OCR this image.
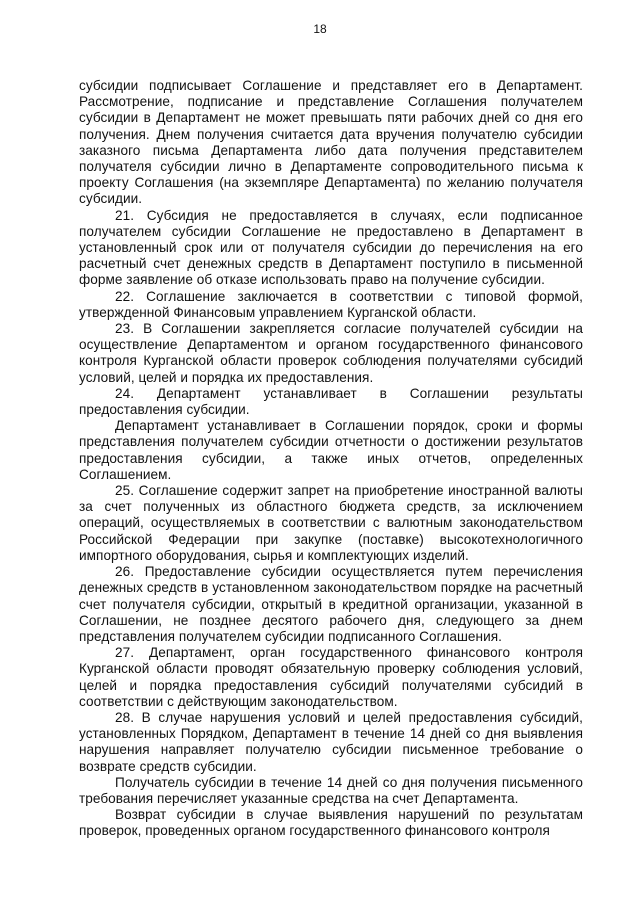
18

субсидии подписывает Соглашение и представляет его в Департамент. Рассмотрение, подписание и представление Соглашения получателем субсидии в Департамент не может превышать пяти рабочих дней со дня его получения. Днем получения считается дата вручения получателю субсидии заказного письма Департамента либо дата получения представителем получателя субсидии лично в Департаменте сопроводительного письма к проекту Соглашения (на экземпляре Департамента) по желанию получателя субсидии.

21. Субсидия не предоставляется в случаях, если подписанное получателем субсидии Соглашение не предоставлено в Департамент в установленный срок или от получателя субсидии до перечисления на его расчетный счет денежных средств в Департамент поступило в письменной форме заявление об отказе использовать право на получение субсидии.

22. Соглашение заключается в соответствии с типовой формой, утвержденной Финансовым управлением Курганской области.

23. В Соглашении закрепляется согласие получателей субсидии на осуществление Департаментом и органом государственного финансового контроля Курганской области проверок соблюдения получателями субсидий условий, целей и порядка их предоставления.

24. Департамент устанавливает в Соглашении результаты предоставления субсидии.

Департамент устанавливает в Соглашении порядок, сроки и формы представления получателем субсидии отчетности о достижении результатов предоставления субсидии, а также иных отчетов, определенных Соглашением.

25. Соглашение содержит запрет на приобретение иностранной валюты за счет полученных из областного бюджета средств, за исключением операций, осуществляемых в соответствии с валютным законодательством Российской Федерации при закупке (поставке) высокотехнологичного импортного оборудования, сырья и комплектующих изделий.

26. Предоставление субсидии осуществляется путем перечисления денежных средств в установленном законодательством порядке на расчетный счет получателя субсидии, открытый в кредитной организации, указанной в Соглашении, не позднее десятого рабочего дня, следующего за днем представления получателем субсидии подписанного Соглашения.

27. Департамент, орган государственного финансового контроля Курганской области проводят обязательную проверку соблюдения условий, целей и порядка предоставления субсидий получателями субсидий в соответствии с действующим законодательством.

28. В случае нарушения условий и целей предоставления субсидий, установленных Порядком, Департамент в течение 14 дней со дня выявления нарушения направляет получателю субсидии письменное требование о возврате средств субсидии.

Получатель субсидии в течение 14 дней со дня получения письменного требования перечисляет указанные средства на счет Департамента.

Возврат субсидии в случае выявления нарушений по результатам проверок, проведенных органом государственного финансового контроля
